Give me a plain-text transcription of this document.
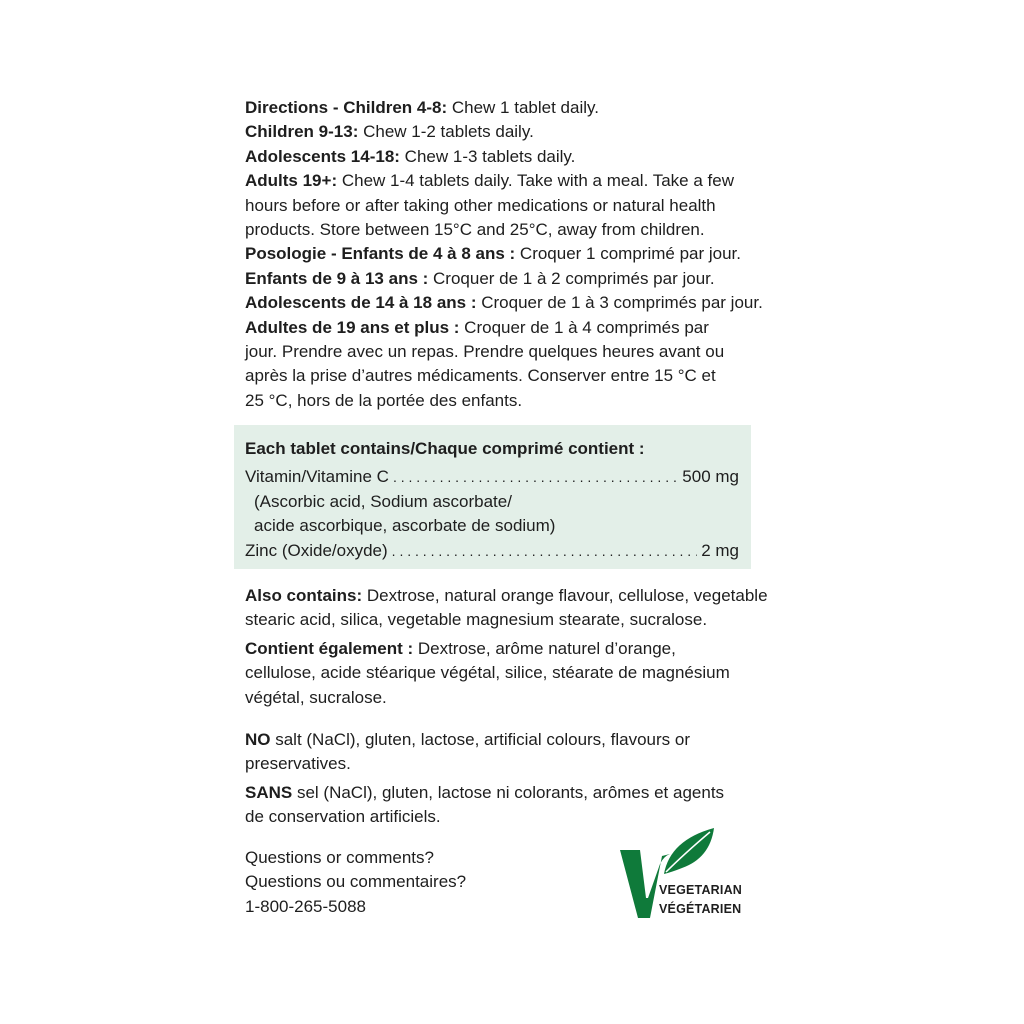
Directions - Children 4-8: Chew 1 tablet daily.
Children 9-13: Chew 1-2 tablets daily.
Adolescents 14-18: Chew 1-3 tablets daily.
Adults 19+: Chew 1-4 tablets daily. Take with a meal. Take a few
hours before or after taking other medications or natural health
products. Store between 15°C and 25°C, away from children.
Posologie - Enfants de 4 à 8 ans : Croquer 1 comprimé par jour.
Enfants de 9 à 13 ans : Croquer de 1 à 2 comprimés par jour.
Adolescents de 14 à 18 ans : Croquer de 1 à 3 comprimés par jour.
Adultes de 19 ans et plus : Croquer de 1 à 4 comprimés par
jour. Prendre avec un repas. Prendre quelques heures avant ou
après la prise d’autres médicaments. Conserver entre 15 °C et
25 °C, hors de la portée des enfants.

Each tablet contains/Chaque comprimé contient :
Vitamin/Vitamine C . . .	500 mg
(Ascorbic acid, Sodium ascorbate/
acide ascorbique, ascorbate de sodium)
Zinc (Oxide/oxyde) . . .	2 mg

Also contains: Dextrose, natural orange flavour, cellulose, vegetable
stearic acid, silica, vegetable magnesium stearate, sucralose.

Contient également : Dextrose, arôme naturel d’orange,
cellulose, acide stéarique végétal, silice, stéarate de magnésium
végétal, sucralose.

NO salt (NaCl), gluten, lactose, artificial colours, flavours or
preservatives.

SANS sel (NaCl), gluten, lactose ni colorants, arômes et agents
de conservation artificiels.

Questions or comments?
Questions ou commentaires?
1-800-265-5088

VEGETARIAN
VÉGÉTARIEN
